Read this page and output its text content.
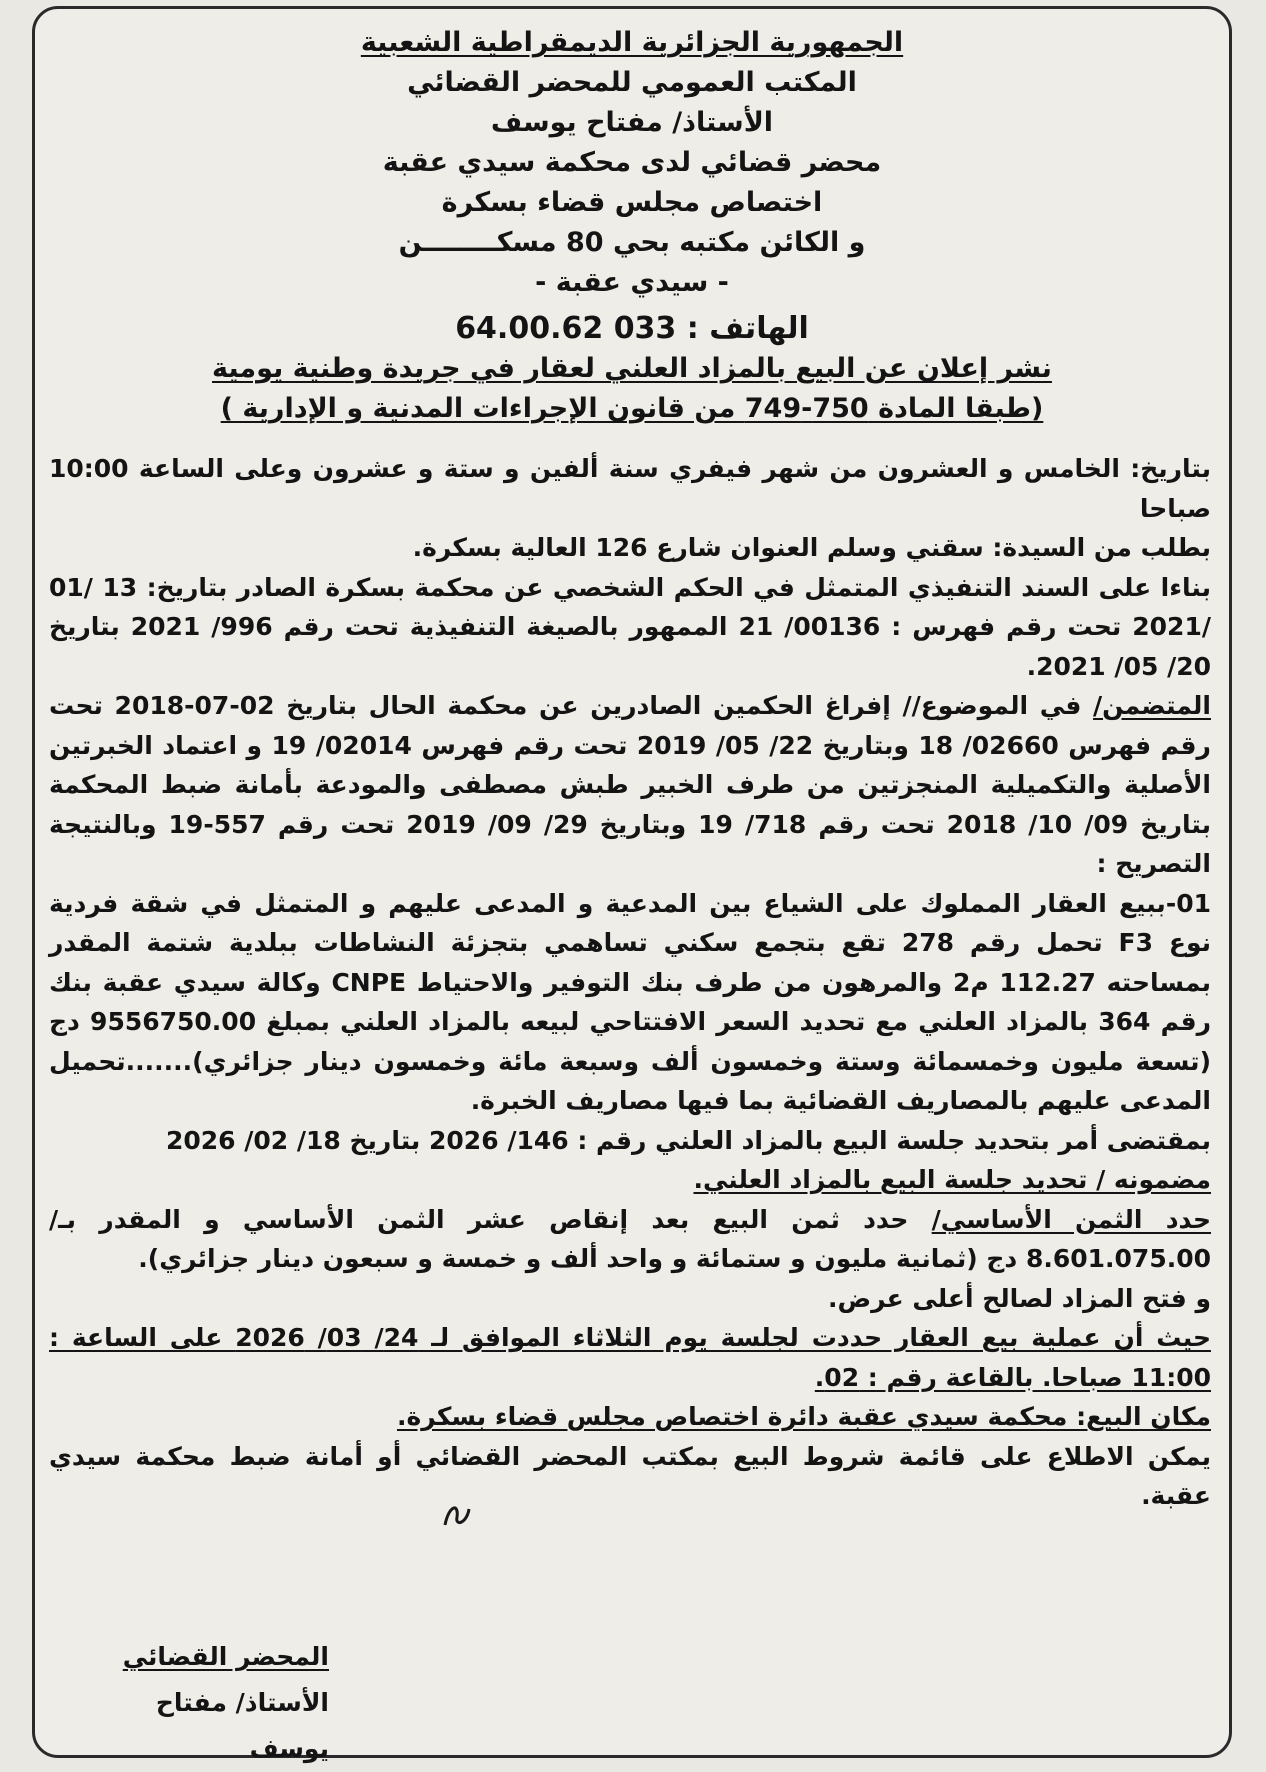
الجمهورية الجزائرية الديمقراطية الشعبية
المكتب العمومي للمحضر القضائي
الأستاذ/ مفتاح يوسف
محضر قضائي لدى محكمة سيدي عقبة
اختصاص مجلس قضاء بسكرة
و الكائن مكتبه بحي 80 مسكــــــــن
- سيدي عقبة -
الهاتف : 033 64.00.62
نشر إعلان عن البيع بالمزاد العلني لعقار في جريدة وطنية يومية
(طبقا المادة 750-749 من قانون الإجراءات المدنية و الإدارية )

بتاريخ: الخامس و العشرون من شهر فيفري سنة ألفين و ستة و عشرون وعلى الساعة 10:00 صباحا

بطلب من السيدة: سقني وسلم العنوان شارع 126 العالية بسكرة.

بناءا على السند التنفيذي المتمثل في الحكم الشخصي عن محكمة بسكرة الصادر بتاريخ: 13 /01 /2021 تحت رقم فهرس : 00136/ 21 الممهور بالصيغة التنفيذية تحت رقم 996/ 2021 بتاريخ 20/ 05/ 2021.

المتضمن/ في الموضوع// إفراغ الحكمين الصادرين عن محكمة الحال بتاريخ 02-07-2018 تحت رقم فهرس 02660/ 18 وبتاريخ 22/ 05/ 2019 تحت رقم فهرس 02014/ 19 و اعتماد الخبرتين الأصلية والتكميلية المنجزتين من طرف الخبير طبش مصطفى والمودعة بأمانة ضبط المحكمة بتاريخ 09/ 10/ 2018 تحت رقم 718/ 19 وبتاريخ 29/ 09/ 2019 تحت رقم 557-19 وبالنتيجة التصريح :

01-ببيع العقار المملوك على الشياع بين المدعية و المدعى عليهم و المتمثل في شقة فردية نوع F3 تحمل رقم 278 تقع بتجمع سكني تساهمي بتجزئة النشاطات ببلدية شتمة المقدر بمساحته 112.27 م2 والمرهون من طرف بنك التوفير والاحتياط CNPE وكالة سيدي عقبة بنك رقم 364 بالمزاد العلني مع تحديد السعر الافتتاحي لبيعه بالمزاد العلني بمبلغ 9556750.00 دج (تسعة مليون وخمسمائة وستة وخمسون ألف وسبعة مائة وخمسون دينار جزائري).......تحميل المدعى عليهم بالمصاريف القضائية بما فيها مصاريف الخبرة.

بمقتضى أمر بتحديد جلسة البيع بالمزاد العلني رقم : 146/ 2026 بتاريخ 18/ 02/ 2026

مضمونه / تحديد جلسة البيع بالمزاد العلني.

حدد الثمن الأساسي/ حدد ثمن البيع بعد إنقاص عشر الثمن الأساسي و المقدر بـ/ 8.601.075.00 دج (ثمانية مليون و ستمائة و واحد ألف و خمسة و سبعون دينار جزائري).

و فتح المزاد لصالح أعلى عرض.

حيث أن عملية بيع العقار حددت لجلسة يوم الثلاثاء الموافق لـ 24/ 03/ 2026 على الساعة : 11:00 صباحا. بالقاعة رقم : 02.

مكان البيع: محكمة سيدي عقبة دائرة اختصاص مجلس قضاء بسكرة.

يمكن الاطلاع على قائمة شروط البيع بمكتب المحضر القضائي أو أمانة ضبط محكمة سيدي عقبة.

المحضر القضائي
الأستاذ/ مفتاح يوسف
